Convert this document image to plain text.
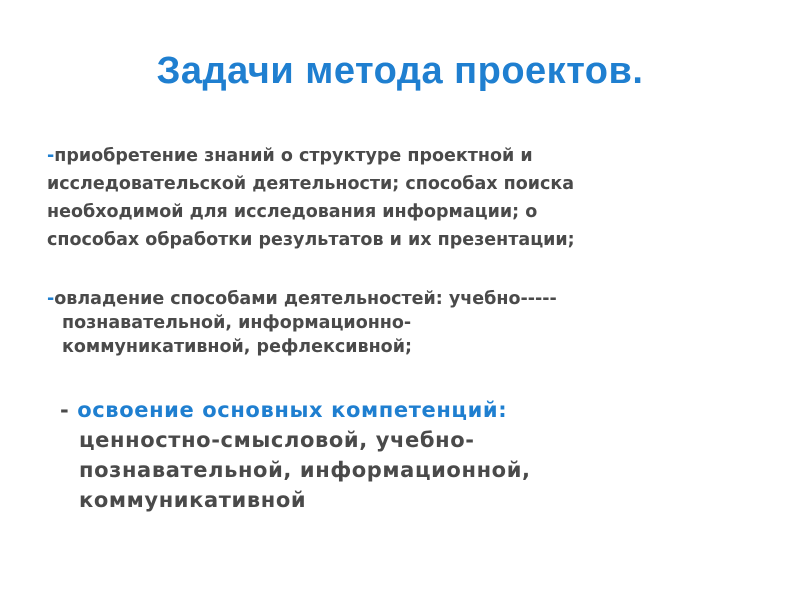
Задачи метода проектов.
-приобретение знаний о структуре проектной и
исследовательской деятельности; способах поиска
необходимой для исследования информации; о
способах обработки результатов и их презентации;
-овладение способами деятельностей: учебно-----
познавательной, информационно-
коммуникативной, рефлексивной;
- освоение основных компетенций:
ценностно-смысловой, учебно-
познавательной, информационной,
коммуникативной
